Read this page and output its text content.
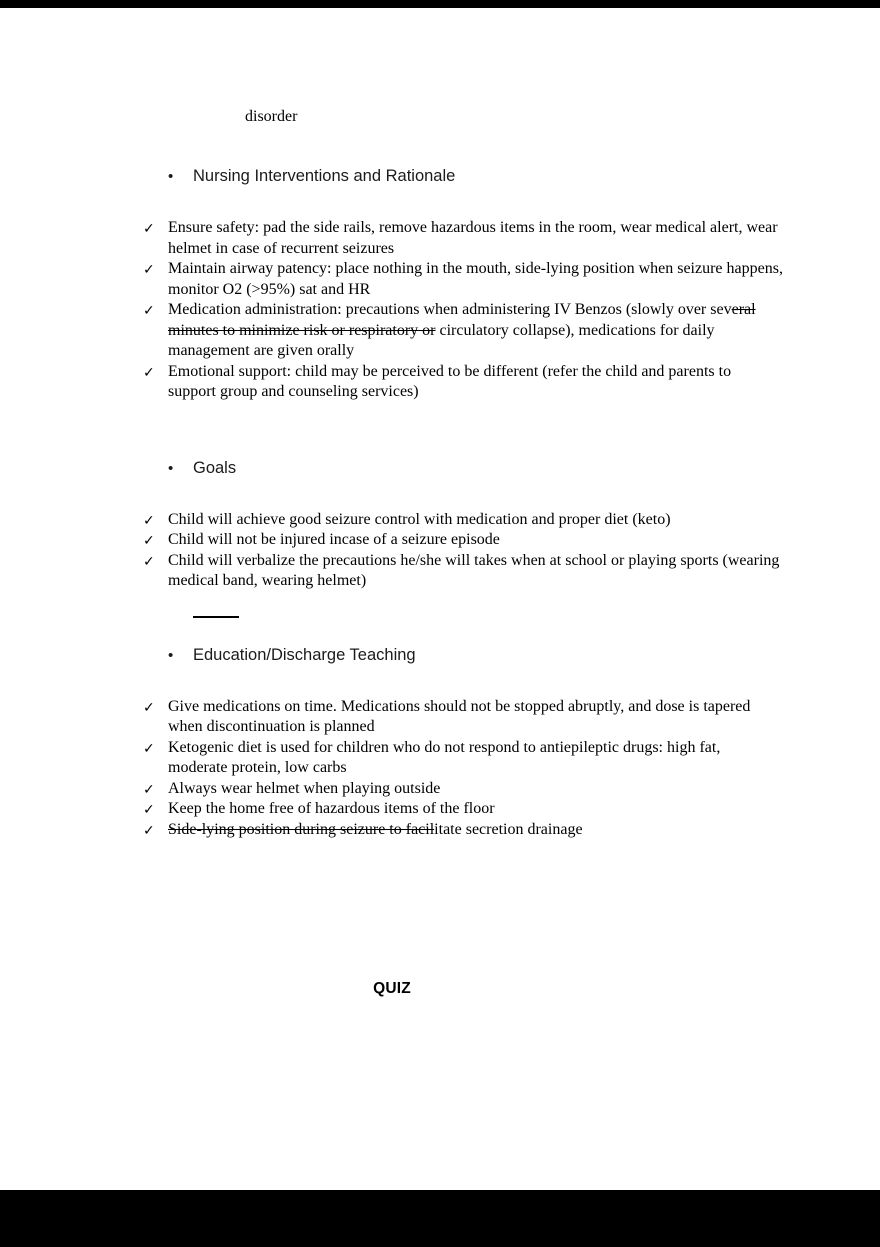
disorder

•	Nursing Interventions and Rationale
✓ Ensure safety: pad the side rails, remove hazardous items in the room, wear medical alert, wear helmet in case of recurrent seizures
✓ Maintain airway patency: place nothing in the mouth, side-lying position when seizure happens, monitor O2 (>95%) sat and HR
✓ Medication administration: precautions when administering IV Benzos (slowly over several minutes to minimize risk or respiratory or circulatory collapse), medications for daily management are given orally
✓ Emotional support: child may be perceived to be different (refer the child and parents to support group and counseling services)
•	Goals
✓ Child will achieve good seizure control with medication and proper diet (keto)
✓ Child will not be injured incase of a seizure episode
✓ Child will verbalize the precautions he/she will takes when at school or playing sports (wearing medical band, wearing helmet)
•	Education/Discharge Teaching
✓ Give medications on time. Medications should not be stopped abruptly, and dose is tapered when discontinuation is planned
✓ Ketogenic diet is used for children who do not respond to antiepileptic drugs: high fat, moderate protein, low carbs
✓ Always wear helmet when playing outside
✓ Keep the home free of hazardous items of the floor
✓ Side-lying position during seizure to facilitate secretion drainage
QUIZ
